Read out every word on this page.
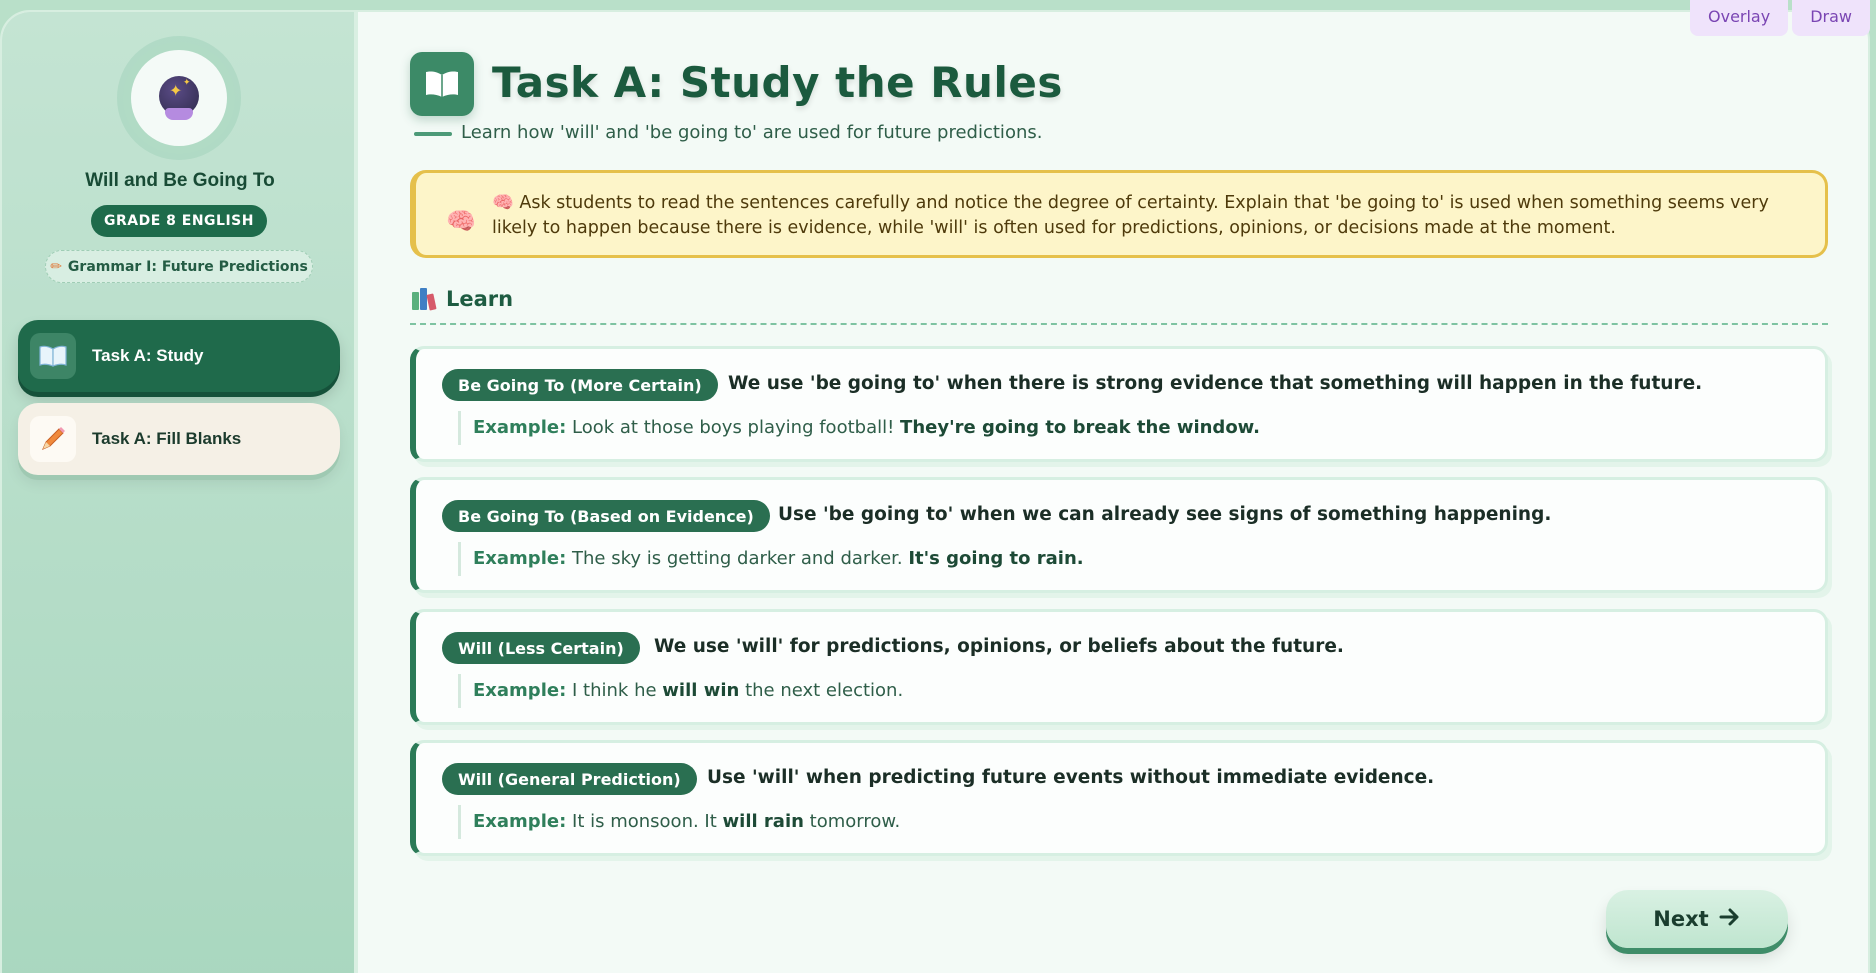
Overlay	Draw
✦ ✦
Will and Be Going To
GRADE 8 ENGLISH
✏ Grammar I: Future Predictions
Task A: Study
Task A: Fill Blanks
Task A: Study the Rules

Learn how 'will' and 'be going to' are used for future predictions.

🧠
🧠 Ask students to read the sentences carefully and notice the degree of certainty. Explain that 'be going to' is used when something seems very likely to happen because there is evidence, while 'will' is often used for predictions, opinions, or decisions made at the moment.
Learn
Be Going To (More Certain)	We use 'be going to' when there is strong evidence that something will happen in the future.
Example: Look at those boys playing football! They're going to break the window.
Be Going To (Based on Evidence)	Use 'be going to' when we can already see signs of something happening.
Example: The sky is getting darker and darker. It's going to rain.
Will (Less Certain)	We use 'will' for predictions, opinions, or beliefs about the future.
Example: I think he will win the next election.
Will (General Prediction)	Use 'will' when predicting future events without immediate evidence.
Example: It is monsoon. It will rain tomorrow.
Next
